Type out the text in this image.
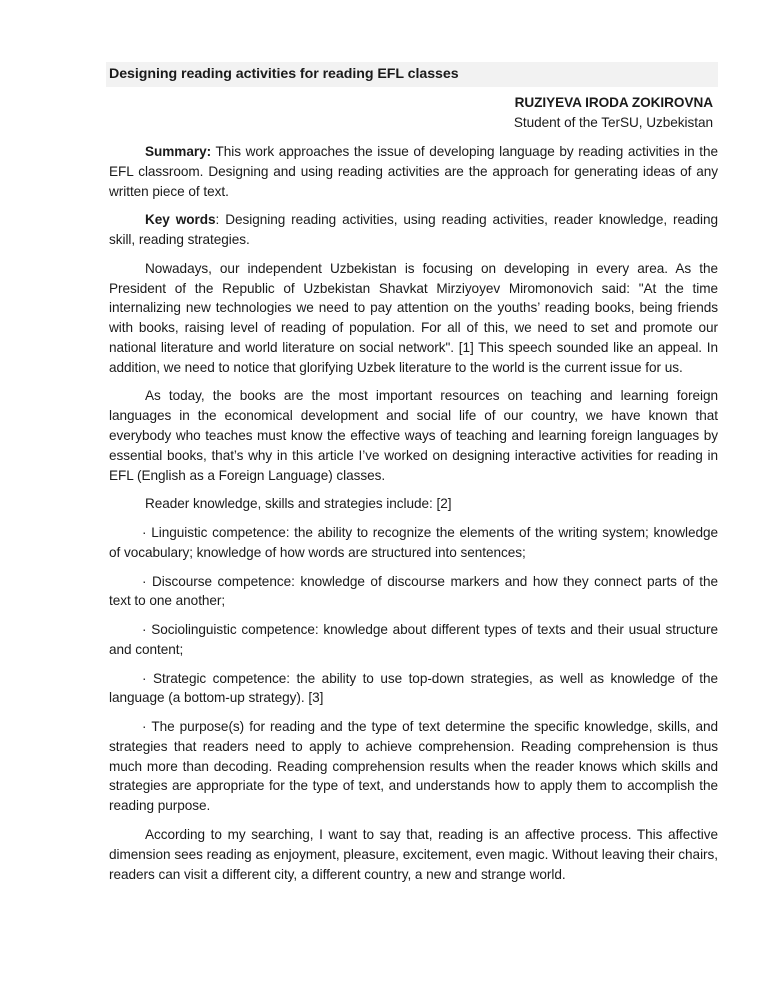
Designing reading activities for reading EFL classes
RUZIYEVA IRODA ZOKIROVNA
Student of the TerSU, Uzbekistan

Summary: This work approaches the issue of developing language by reading activities in the EFL classroom. Designing and using reading activities are the approach for generating ideas of any written piece of text.

Key words: Designing reading activities, using reading activities, reader knowledge, reading skill, reading strategies.

Nowadays, our independent Uzbekistan is focusing on developing in every area. As the President of the Republic of Uzbekistan Shavkat Mirziyoyev Miromonovich said: "At the time internalizing new technologies we need to pay attention on the youths’ reading books, being friends with books, raising level of reading of population. For all of this, we need to set and promote our national literature and world literature on social network". [1] This speech sounded like an appeal. In addition, we need to notice that glorifying Uzbek literature to the world is the current issue for us.

As today, the books are the most important resources on teaching and learning foreign languages in the economical development and social life of our country, we have known that everybody who teaches must know the effective ways of teaching and learning foreign languages by essential books, that’s why in this article I’ve worked on designing interactive activities for reading in EFL (English as a Foreign Language) classes.

Reader knowledge, skills and strategies include: [2]

· Linguistic competence: the ability to recognize the elements of the writing system; knowledge of vocabulary; knowledge of how words are structured into sentences;

· Discourse competence: knowledge of discourse markers and how they connect parts of the text to one another;

· Sociolinguistic competence: knowledge about different types of texts and their usual structure and content;

· Strategic competence: the ability to use top-down strategies, as well as knowledge of the language (a bottom-up strategy). [3]

· The purpose(s) for reading and the type of text determine the specific knowledge, skills, and strategies that readers need to apply to achieve comprehension. Reading comprehension is thus much more than decoding. Reading comprehension results when the reader knows which skills and strategies are appropriate for the type of text, and understands how to apply them to accomplish the reading purpose.

According to my searching, I want to say that, reading is an affective process. This affective dimension sees reading as enjoyment, pleasure, excitement, even magic. Without leaving their chairs, readers can visit a different city, a different country, a new and strange world.
